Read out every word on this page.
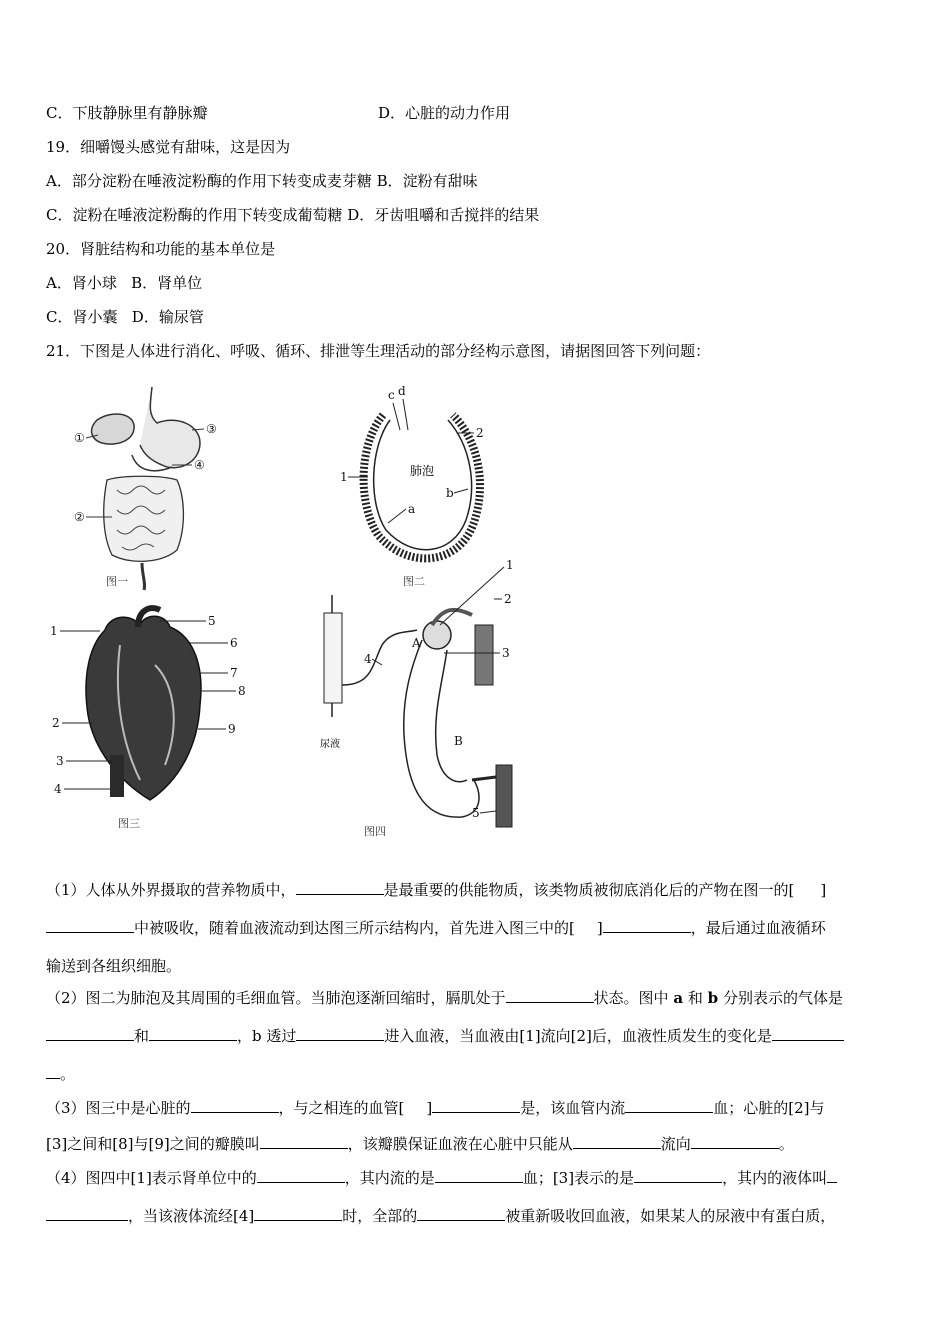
C．下肢静脉里有静脉瓣	D．心脏的动力作用
19．细嚼馒头感觉有甜味，这是因为
A．部分淀粉在唾液淀粉酶的作用下转变成麦芽糖 B．淀粉有甜味
C．淀粉在唾液淀粉酶的作用下转变成葡萄糖 D．牙齿咀嚼和舌搅拌的结果
20．肾脏结构和功能的基本单位是
A．肾小球 B．肾单位
C．肾小囊 D．输尿管
21．下图是人体进行消化、呼吸、循环、排泄等生理活动的部分经构示意图，请据图回答下列问题：
①
③
④
②
图一
肺泡
c d
1
2
a
b
图二
1
5
6
7
8
9
2
3
4
图三
尿液
1
2
3
4
A
B
5
图四
（1）人体从外界摄取的营养物质中，	是最重要的供能物质，该类物质被彻底消化后的产物在图一的[ ]
中被吸收，随着血液流动到达图三所示结构内，首先进入图三中的[ ]	，最后通过血液循环
输送到各组织细胞。
（2）图二为肺泡及其周围的毛细血管。当肺泡逐渐回缩时，膈肌处于	状态。图中 a 和 b 分别表示的气体是
和	，b 透过	进入血液，当血液由[1]流向[2]后，血液性质发生的变化是
。
（3）图三中是心脏的	，与之相连的血管[ ]	是，该血管内流	血；心脏的[2]与
[3]之间和[8]与[9]之间的瓣膜叫	，该瓣膜保证血液在心脏中只能从	流向	。
（4）图四中[1]表示肾单位中的	，其内流的是	血；[3]表示的是	，其内的液体叫
，当该液体流经[4]	时，全部的	被重新吸收回血液，如果某人的尿液中有蛋白质，
